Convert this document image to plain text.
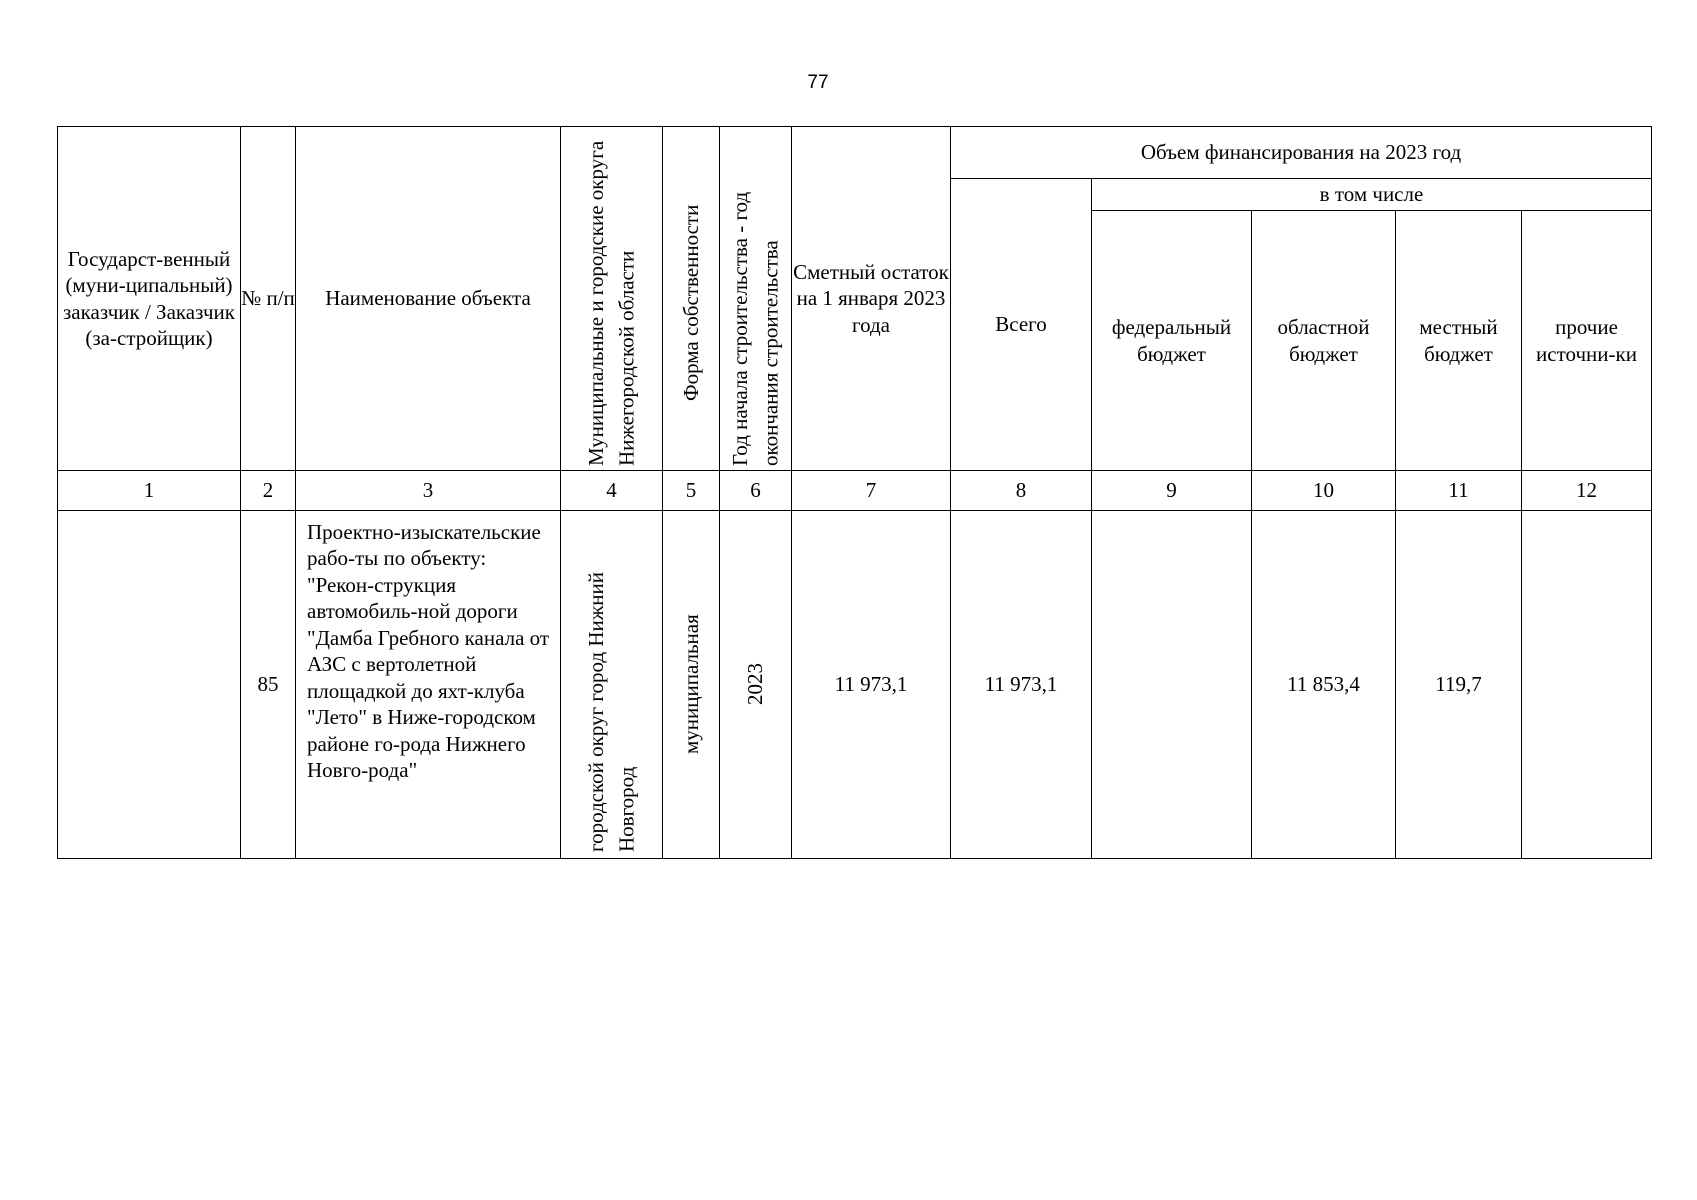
77
Государст-венный (муни-ципальный) заказчик / Заказчик (за-стройщик)	№ п/п	Наименование объекта	Муниципальные и городские округа Нижегородской области	Форма собственности	Год начала строительства - год окончания строительства	Сметный остаток на 1 января 2023 года	Объем финансирования на 2023 год				
							Всего	в том числе			
								федеральный бюджет	областной бюджет	местный бюджет	прочие источни-ки
1	2	3	4	5	6	7	8	9	10	11	12
	85	Проектно-изыскательские рабо-ты по объекту: "Рекон-струкция автомобиль-ной дороги "Дамба Гребного канала от АЗС с вертолетной площадкой до яхт-клуба "Лето" в Ниже-городском районе го-рода Нижнего Новго-рода"	городской округ город Нижний Новгород	муниципальная	2023	11 973,1	11 973,1		11 853,4	119,7	
